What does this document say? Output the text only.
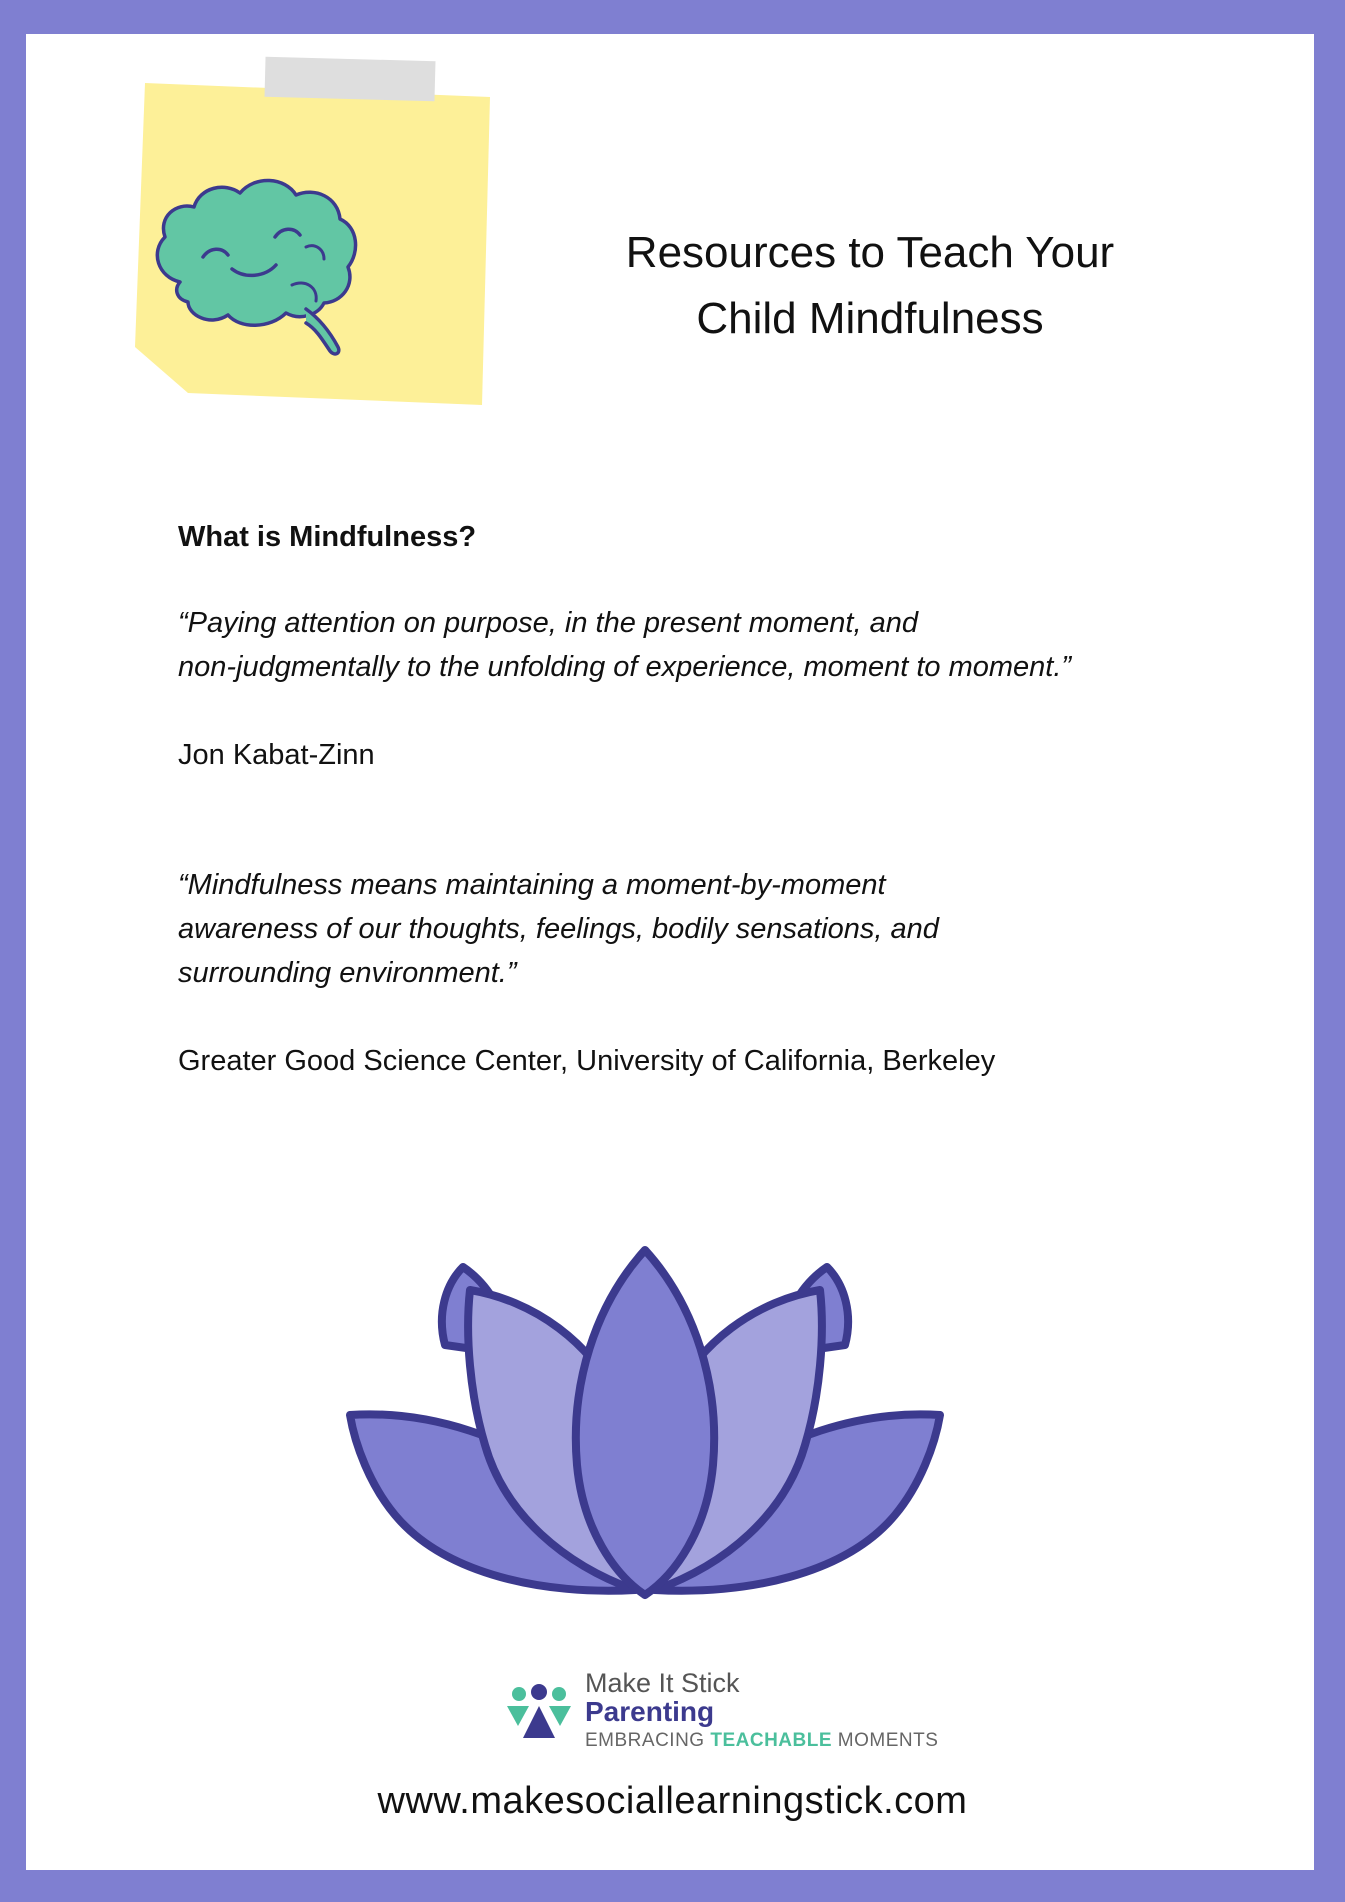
Resources to Teach Your
Child Mindfulness

What is Mindfulness?

“Paying attention on purpose, in the present moment, and
non-judgmentally to the unfolding of experience, moment to moment.”

Jon Kabat-Zinn

“Mindfulness means maintaining a moment-by-moment
awareness of our thoughts, feelings, bodily sensations, and
surrounding environment.”

Greater Good Science Center, University of California, Berkeley

Make It Stick
Parenting
EMBRACING TEACHABLE MOMENTS
www.makesociallearningstick.com
